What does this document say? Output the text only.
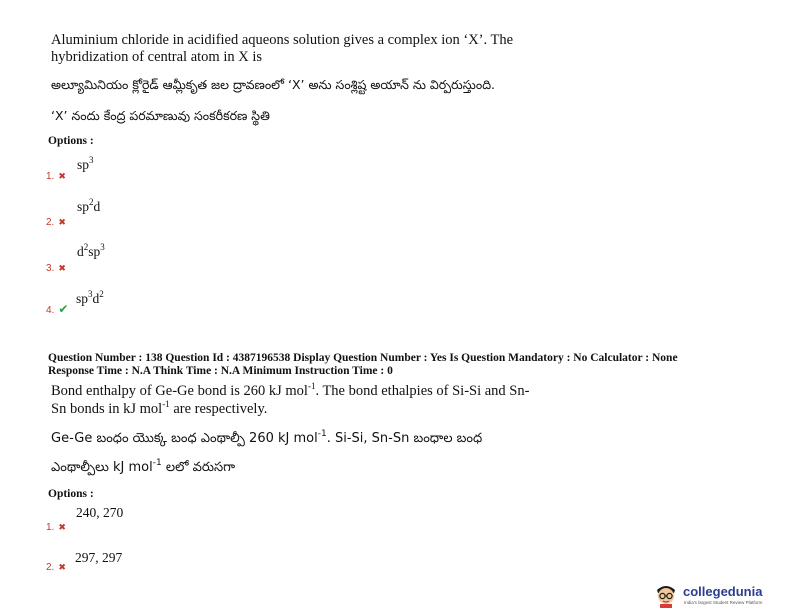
Aluminium chloride in acidified aqueons solution gives a complex ion ‘X’. The
hybridization of central atom in X is
అల్యూమినియం క్లోరైడ్ ఆమ్లీకృత జల ద్రావణంలో ‘X’ అను సంశ్లిష్ట అయాన్ ను విర్పరుస్తుంది.
‘X’ నందు కేంద్ర పరమాణువు సంకరీకరణ స్థితి
Options :
1. ✖
$sp^3$
2. ✖
$sp^2d$
3. ✖
$d^2sp^3$
4. ✔
$sp^3d^2$
Question Number : 138 Question Id : 4387196538 Display Question Number : Yes Is Question Mandatory : No Calculator : None
Response Time : N.A Think Time : N.A Minimum Instruction Time : 0
Bond enthalpy of Ge-Ge bond is 260 kJ mol$^{-1}$. The bond ethalpies of Si-Si and Sn-
Sn bonds in kJ mol$^{-1}$ are respectively.
Ge-Ge బంధం యొక్క బంధ ఎంథాల్పీ 260 kJ mol$^{-1}$. Si-Si, Sn-Sn బంధాల బంధ
ఎంథాల్పీలు kJ mol$^{-1}$ లలో వరుసగా
Options :
1. ✖
240, 270
2. ✖
297, 297
collegedunia
India's largest Student Review Platform
